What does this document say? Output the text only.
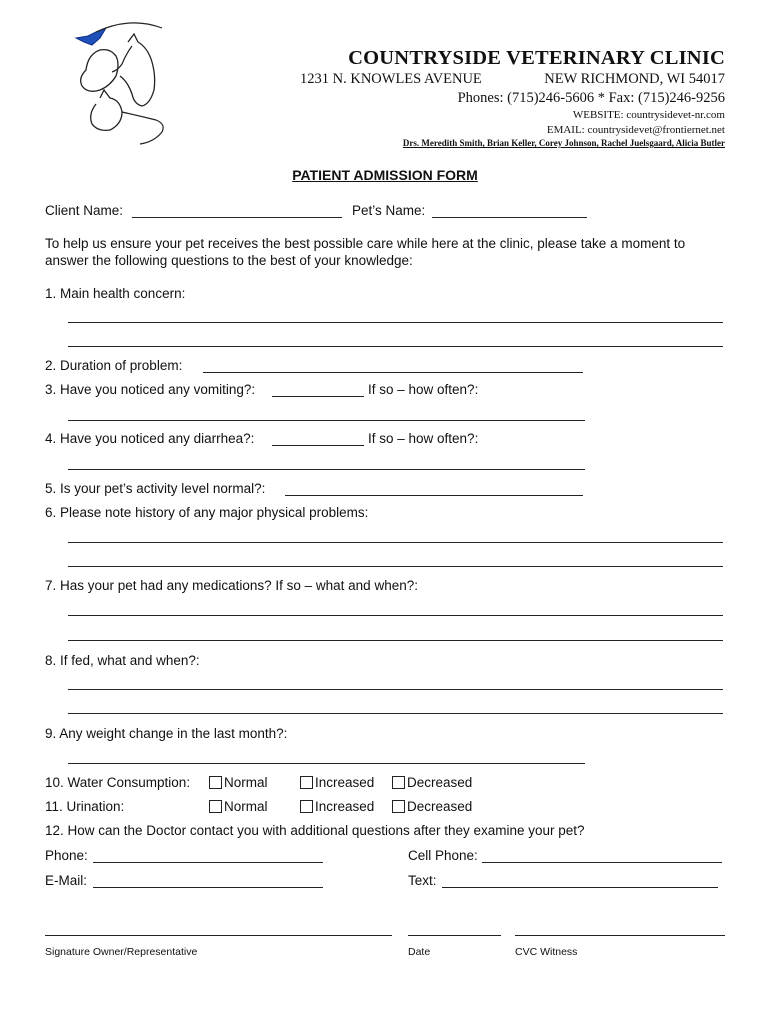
COUNTRYSIDE VETERINARY CLINIC
1231 N. KNOWLES AVENUE	NEW RICHMOND, WI 54017
Phones: (715)246-5606 * Fax: (715)246-9256
WEBSITE: countrysidevet-nr.com
EMAIL: countrysidevet@frontiernet.net
Drs. Meredith Smith, Brian Keller, Corey Johnson, Rachel Juelsgaard, Alicia Butler
PATIENT ADMISSION FORM
Client Name:	Pet’s Name:
To help us ensure your pet receives the best possible care while here at the clinic, please take a moment to
answer the following questions to the best of your knowledge:
1. Main health concern:
2. Duration of problem:
3. Have you noticed any vomiting?:	If so – how often?:
4. Have you noticed any diarrhea?:	If so – how often?:
5. Is your pet’s activity level normal?:
6. Please note history of any major physical problems:
7. Has your pet had any medications? If so – what and when?:
8. If fed, what and when?:
9. Any weight change in the last month?:
10. Water Consumption:	Normal	Increased	Decreased
11. Urination:	Normal	Increased	Decreased
12. How can the Doctor contact you with additional questions after they examine your pet?
Phone:	Cell Phone:
E-Mail:	Text:
Signature Owner/Representative	Date	CVC Witness
